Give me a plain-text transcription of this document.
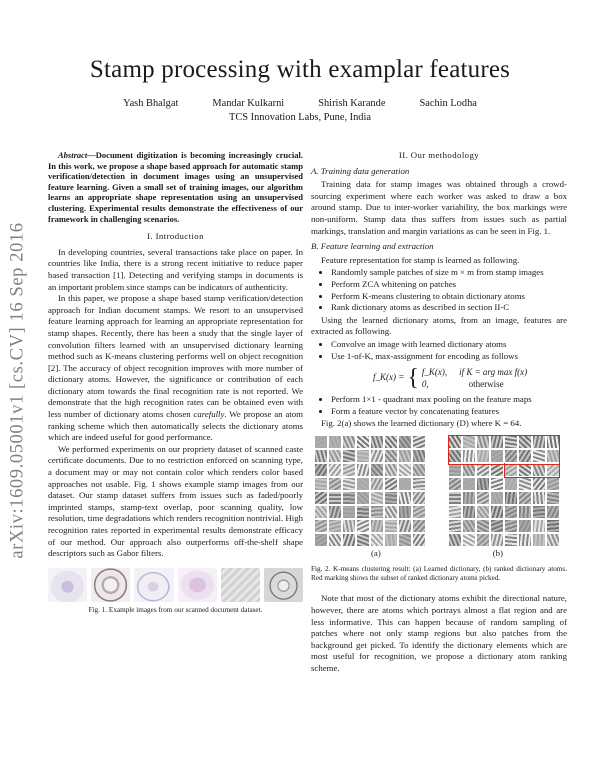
Stamp processing with examplar features
Yash Bhalgat	Mandar Kulkarni	Shirish Karande	Sachin Lodha
TCS Innovation Labs, Pune, India
arXiv:1609.05001v1 [cs.CV] 16 Sep 2016

Abstract—Document digitization is becoming increasingly crucial. In this work, we propose a shape based approach for automatic stamp verification/detection in document images using an unsupervised feature learning. Given a small set of training images, our algorithm learns an appropriate shape representation using an unsupervised clustering. Experimental results demonstrate the effectiveness of our framework in challenging scenarios.

I. Introduction

In developing countries, several transactions take place on paper. In countries like India, there is a strong recent initiative to reduce paper based transaction [1]. Detecting and verifying stamps in documents is an important problem since stamps can be indicators of authenticity.

In this paper, we propose a shape based stamp verification/detection approach for Indian document stamps. We resort to an unsupervised feature learning approach for learning an appropriate representation for stamp shapes. Recently, there has been a study that the single layer of convolution filters learned with an unsupervised dictionary learning method such as K-means clustering performs well on object recognition [2]. The accuracy of object recognition improves with more number of dictionary atoms. However, the significance or contribution of each dictionary atom towards the final recognition rate is not reported. We demonstrate that the high recognition rates can be obtained even with less number of dictionary atoms chosen carefully. We propose an atom ranking scheme which then automatically selects the dictionary atoms which are indeed useful for good performance.

We performed experiments on our propriety dataset of scanned caste certificate documents. Due to no restriction enforced on scanning type, a document may or may not contain color which renders color based approaches not usable. Fig. 1 shows example stamp images from our dataset. Our stamp dataset suffers from issues such as faded/poorly imprinted stamps, stamp-text overlap, poor scanning quality, low resolution, time degradations which renders recognition nontrivial. High recognition rates reported in experimental results demonstrate efficacy of our method. Our approach also outperforms off-the-shelf shape descriptors such as Gabor filters.

Fig. 1. Example images from our scanned document dataset.
II. Our methodology
A. Training data generation

Training data for stamp images was obtained through a crowd-sourcing experiment where each worker was asked to draw a box around stamp. Due to inter-worker variability, the box markings were non-uniform. Stamp data thus suffers from issues such as partial markings, translation and margin variations as can be seen in Fig. 1.

B. Feature learning and extraction

Feature representation for stamp is learned as following.

• Randomly sample patches of size m × m from stamp images
• Perform ZCA whitening on patches
• Perform K-means clustering to obtain dictionary atoms
• Rank dictionary atoms as described in section II-C

Using the learned dictionary atoms, from an image, features are extracted as following.

• Convolve an image with learned dictionary atoms
• Use 1-of-K, max-assignment for encoding as follows
f_K(x) = { f_K(x), if K = arg max f(x)
0,	otherwise
• Perform 1×1 - quadrant max pooling on the feature maps
• Form a feature vector by concatenating features

Fig. 2(a) shows the learned dictionary (D) where K = 64.

(a)	(b)
Fig. 2. K-means clustering result: (a) Learned dictionary, (b) ranked dictionary atoms. Red marking shows the subset of ranked dictionary atoms picked.

Note that most of the dictionary atoms exhibit the directional nature, however, there are atoms which portrays almost a flat region and are less informative. This can happen because of random sampling of patches where not only stamp regions but also patches from the background get picked. To identify the dictionary elements which are most useful for recognition, we propose a dictionary atom ranking scheme.
